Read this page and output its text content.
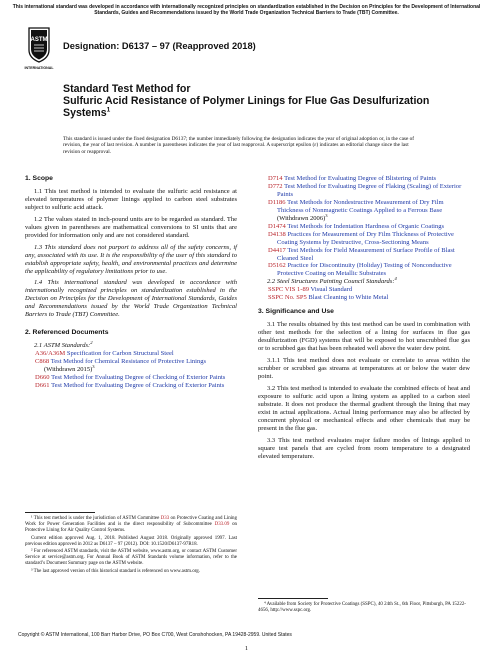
This international standard was developed in accordance with internationally recognized principles on standardization established in the Decision on Principles for the Development of International Standards, Guides and Recommendations issued by the World Trade Organization Technical Barriers to Trade (TBT) Committee.
ASTM
INTERNATIONAL
Designation: D6137 – 97 (Reapproved 2018)
Standard Test Method for
Sulfuric Acid Resistance of Polymer Linings for Flue Gas Desulfurization Systems$^1$
This standard is issued under the fixed designation D6137; the number immediately following the designation indicates the year of original adoption or, in the case of revision, the year of last revision. A number in parentheses indicates the year of last reapproval. A superscript epsilon (ε) indicates an editorial change since the last revision or reapproval.
1. Scope

1.1 This test method is intended to evaluate the sulfuric acid resistance at elevated temperatures of polymer linings applied to carbon steel substrates subject to sulfuric acid attack.

1.2 The values stated in inch-pound units are to be regarded as standard. The values given in parentheses are mathematical conversions to SI units that are provided for information only and are not considered standard.

1.3 This standard does not purport to address all of the safety concerns, if any, associated with its use. It is the responsibility of the user of this standard to establish appropriate safety, health, and environmental practices and determine the applicability of regulatory limitations prior to use.

1.4 This international standard was developed in accordance with internationally recognized principles on standardization established in the Decision on Principles for the Development of International Standards, Guides and Recommendations issued by the World Trade Organization Technical Barriers to Trade (TBT) Committee.

2. Referenced Documents
2.1 ASTM Standards:$^2$
A36/A36M Specification for Carbon Structural Steel
C868 Test Method for Chemical Resistance of Protective Linings (Withdrawn 2015)$^3$
D660 Test Method for Evaluating Degree of Checking of Exterior Paints
D661 Test Method for Evaluating Degree of Cracking of Exterior Paints
D714 Test Method for Evaluating Degree of Blistering of Paints
D772 Test Method for Evaluating Degree of Flaking (Scaling) of Exterior Paints
D1186 Test Methods for Nondestructive Measurement of Dry Film Thickness of Nonmagnetic Coatings Applied to a Ferrous Base (Withdrawn 2006)$^3$
D1474 Test Methods for Indentation Hardness of Organic Coatings
D4138 Practices for Measurement of Dry Film Thickness of Protective Coating Systems by Destructive, Cross-Sectioning Means
D4417 Test Methods for Field Measurement of Surface Profile of Blast Cleaned Steel
D5162 Practice for Discontinuity (Holiday) Testing of Nonconductive Protective Coating on Metallic Substrates
2.2 Steel Structures Painting Council Standards:$^4$
SSPC VIS 1-89 Visual Standard
SSPC No. SP5 Blast Cleaning to White Metal
3. Significance and Use

3.1 The results obtained by this test method can be used in combination with other test methods for the selection of a lining for surfaces in flue gas desulfurization (FGD) systems that will be exposed to hot unscrubbed flue gas or to scrubbed gas that has been reheated well above the water dew point.

3.1.1 This test method does not evaluate or correlate to areas within the scrubber or scrubbed gas streams at temperatures at or below the water dew point.

3.2 This test method is intended to evaluate the combined effects of heat and exposure to sulfuric acid upon a lining system as applied to a carbon steel substrate. It does not produce the thermal gradient through the lining that may exist in actual applications. Actual lining performance may also be affected by concurrent physical or mechanical effects and other chemicals that may be present in the flue gas.

3.3 This test method evaluates major failure modes of linings applied to square test panels that are cycled from room temperature to a designated elevated temperature.

¹ This test method is under the jurisdiction of ASTM Committee D33 on Protective Coating and Lining Work for Power Generation Facilities and is the direct responsibility of Subcommittee D33.09 on Protective Lining for Air Quality Control Systems.

Current edition approved Aug. 1, 2018. Published August 2018. Originally approved 1997. Last previous edition approved in 2012 as D6137 – 97 (2012). DOI: 10.1520/D6137-97R18.

² For referenced ASTM standards, visit the ASTM website, www.astm.org, or contact ASTM Customer Service at service@astm.org. For Annual Book of ASTM Standards volume information, refer to the standard’s Document Summary page on the ASTM website.

³ The last approved version of this historical standard is referenced on www.astm.org.

⁴ Available from Society for Protective Coatings (SSPC), 40 24th St., 6th Floor, Pittsburgh, PA 15222-4656, http://www.sspc.org.

Copyright © ASTM International, 100 Barr Harbor Drive, PO Box C700, West Conshohocken, PA 19428-2959. United States
1
